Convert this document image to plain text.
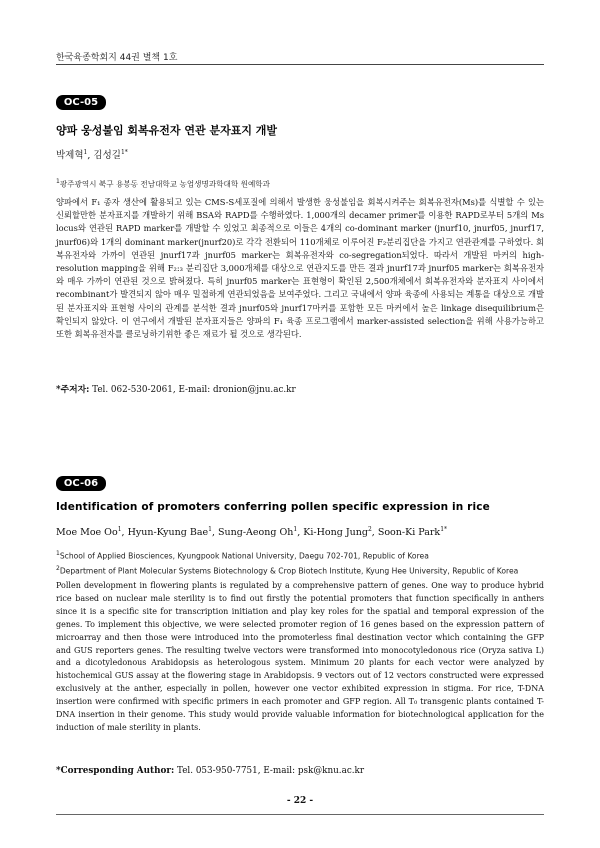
한국육종학회지 44권 별책 1호
OC-05
양파 웅성불임 회복유전자 연관 분자표지 개발
박제혁$^1$, 김성길$^{1*}$
$^1$광주광역시 북구 용봉동 전남대학교 농업생명과학대학 원예학과

양파에서 F₁ 종자 생산에 활용되고 있는 CMS-S세포질에 의해서 발생한 웅성불임을 회복시켜주는 회복유전자(Ms)를 식별할 수 있는 신뢰할만한 분자표지를 개발하기 위해 BSA와 RAPD를 수행하였다. 1,000개의 decamer primer를 이용한 RAPD로부터 5개의 Ms locus와 연관된 RAPD marker를 개발할 수 있었고 최종적으로 이들은 4개의 co-dominant marker (jnurf10, jnurf05, jnurf17, jnurf06)와 1개의 dominant marker(jnurf20)로 각각 전환되어 110개체로 이루어진 F₂분리집단을 가지고 연관관계를 구하였다. 회복유전자와 가까이 연관된 jnurf17과 jnurf05 marker는 회복유전자와 co-segregation되었다. 따라서 개발된 마커의 high-resolution mapping을 위해 F₂:₃ 분리집단 3,000개체를 대상으로 연관지도를 만든 결과 jnurf17과 jnurf05 marker는 회복유전자와 매우 가까이 연관된 것으로 밝혀졌다. 특히 jnurf05 marker는 표현형이 확인된 2,500개체에서 회복유전자와 분자표지 사이에서 recombinant가 발견되지 않아 매우 밀접하게 연관되었음을 보여주었다. 그리고 국내에서 양파 육종에 사용되는 계통을 대상으로 개발된 분자표지와 표현형 사이의 관계를 분석한 결과 jnurf05와 jnurf17마커를 포함한 모든 마커에서 높은 linkage disequilibrium은 확인되지 않았다. 이 연구에서 개발된 분자표지들은 양파의 F₁ 육종 프로그램에서 marker-assisted selection을 위해 사용가능하고 또한 회복유전자를 클로닝하기위한 좋은 재료가 될 것으로 생각된다.

*주저자: Tel. 062-530-2061, E-mail: dronion@jnu.ac.kr
OC-06
Identification of promoters conferring pollen specific expression in rice
Moe Moe Oo$^1$, Hyun-Kyung Bae$^1$, Sung-Aeong Oh$^1$, Ki-Hong Jung$^2$, Soon-Ki Park$^{1*}$
$^1$School of Applied Biosciences, Kyungpook National University, Daegu 702-701, Republic of Korea
$^2$Department of Plant Molecular Systems Biotechnology & Crop Biotech Institute, Kyung Hee University, Republic of Korea

Pollen development in flowering plants is regulated by a comprehensive pattern of genes. One way to produce hybrid rice based on nuclear male sterility is to find out firstly the potential promoters that function specifically in anthers since it is a specific site for transcription initiation and play key roles for the spatial and temporal expression of the genes. To implement this objective, we were selected promoter region of 16 genes based on the expression pattern of microarray and then those were introduced into the promoterless final destination vector which containing the GFP and GUS reporters genes. The resulting twelve vectors were transformed into monocotyledonous rice (Oryza sativa L) and a dicotyledonous Arabidopsis as heterologous system. Minimum 20 plants for each vector were analyzed by histochemical GUS assay at the flowering stage in Arabidopsis. 9 vectors out of 12 vectors constructed were expressed exclusively at the anther, especially in pollen, however one vector exhibited expression in stigma. For rice, T-DNA insertion were confirmed with specific primers in each promoter and GFP region. All T₀ transgenic plants contained T-DNA insertion in their genome. This study would provide valuable information for biotechnological application for the induction of male sterility in plants.

*Corresponding Author: Tel. 053-950-7751, E-mail: psk@knu.ac.kr
- 22 -
